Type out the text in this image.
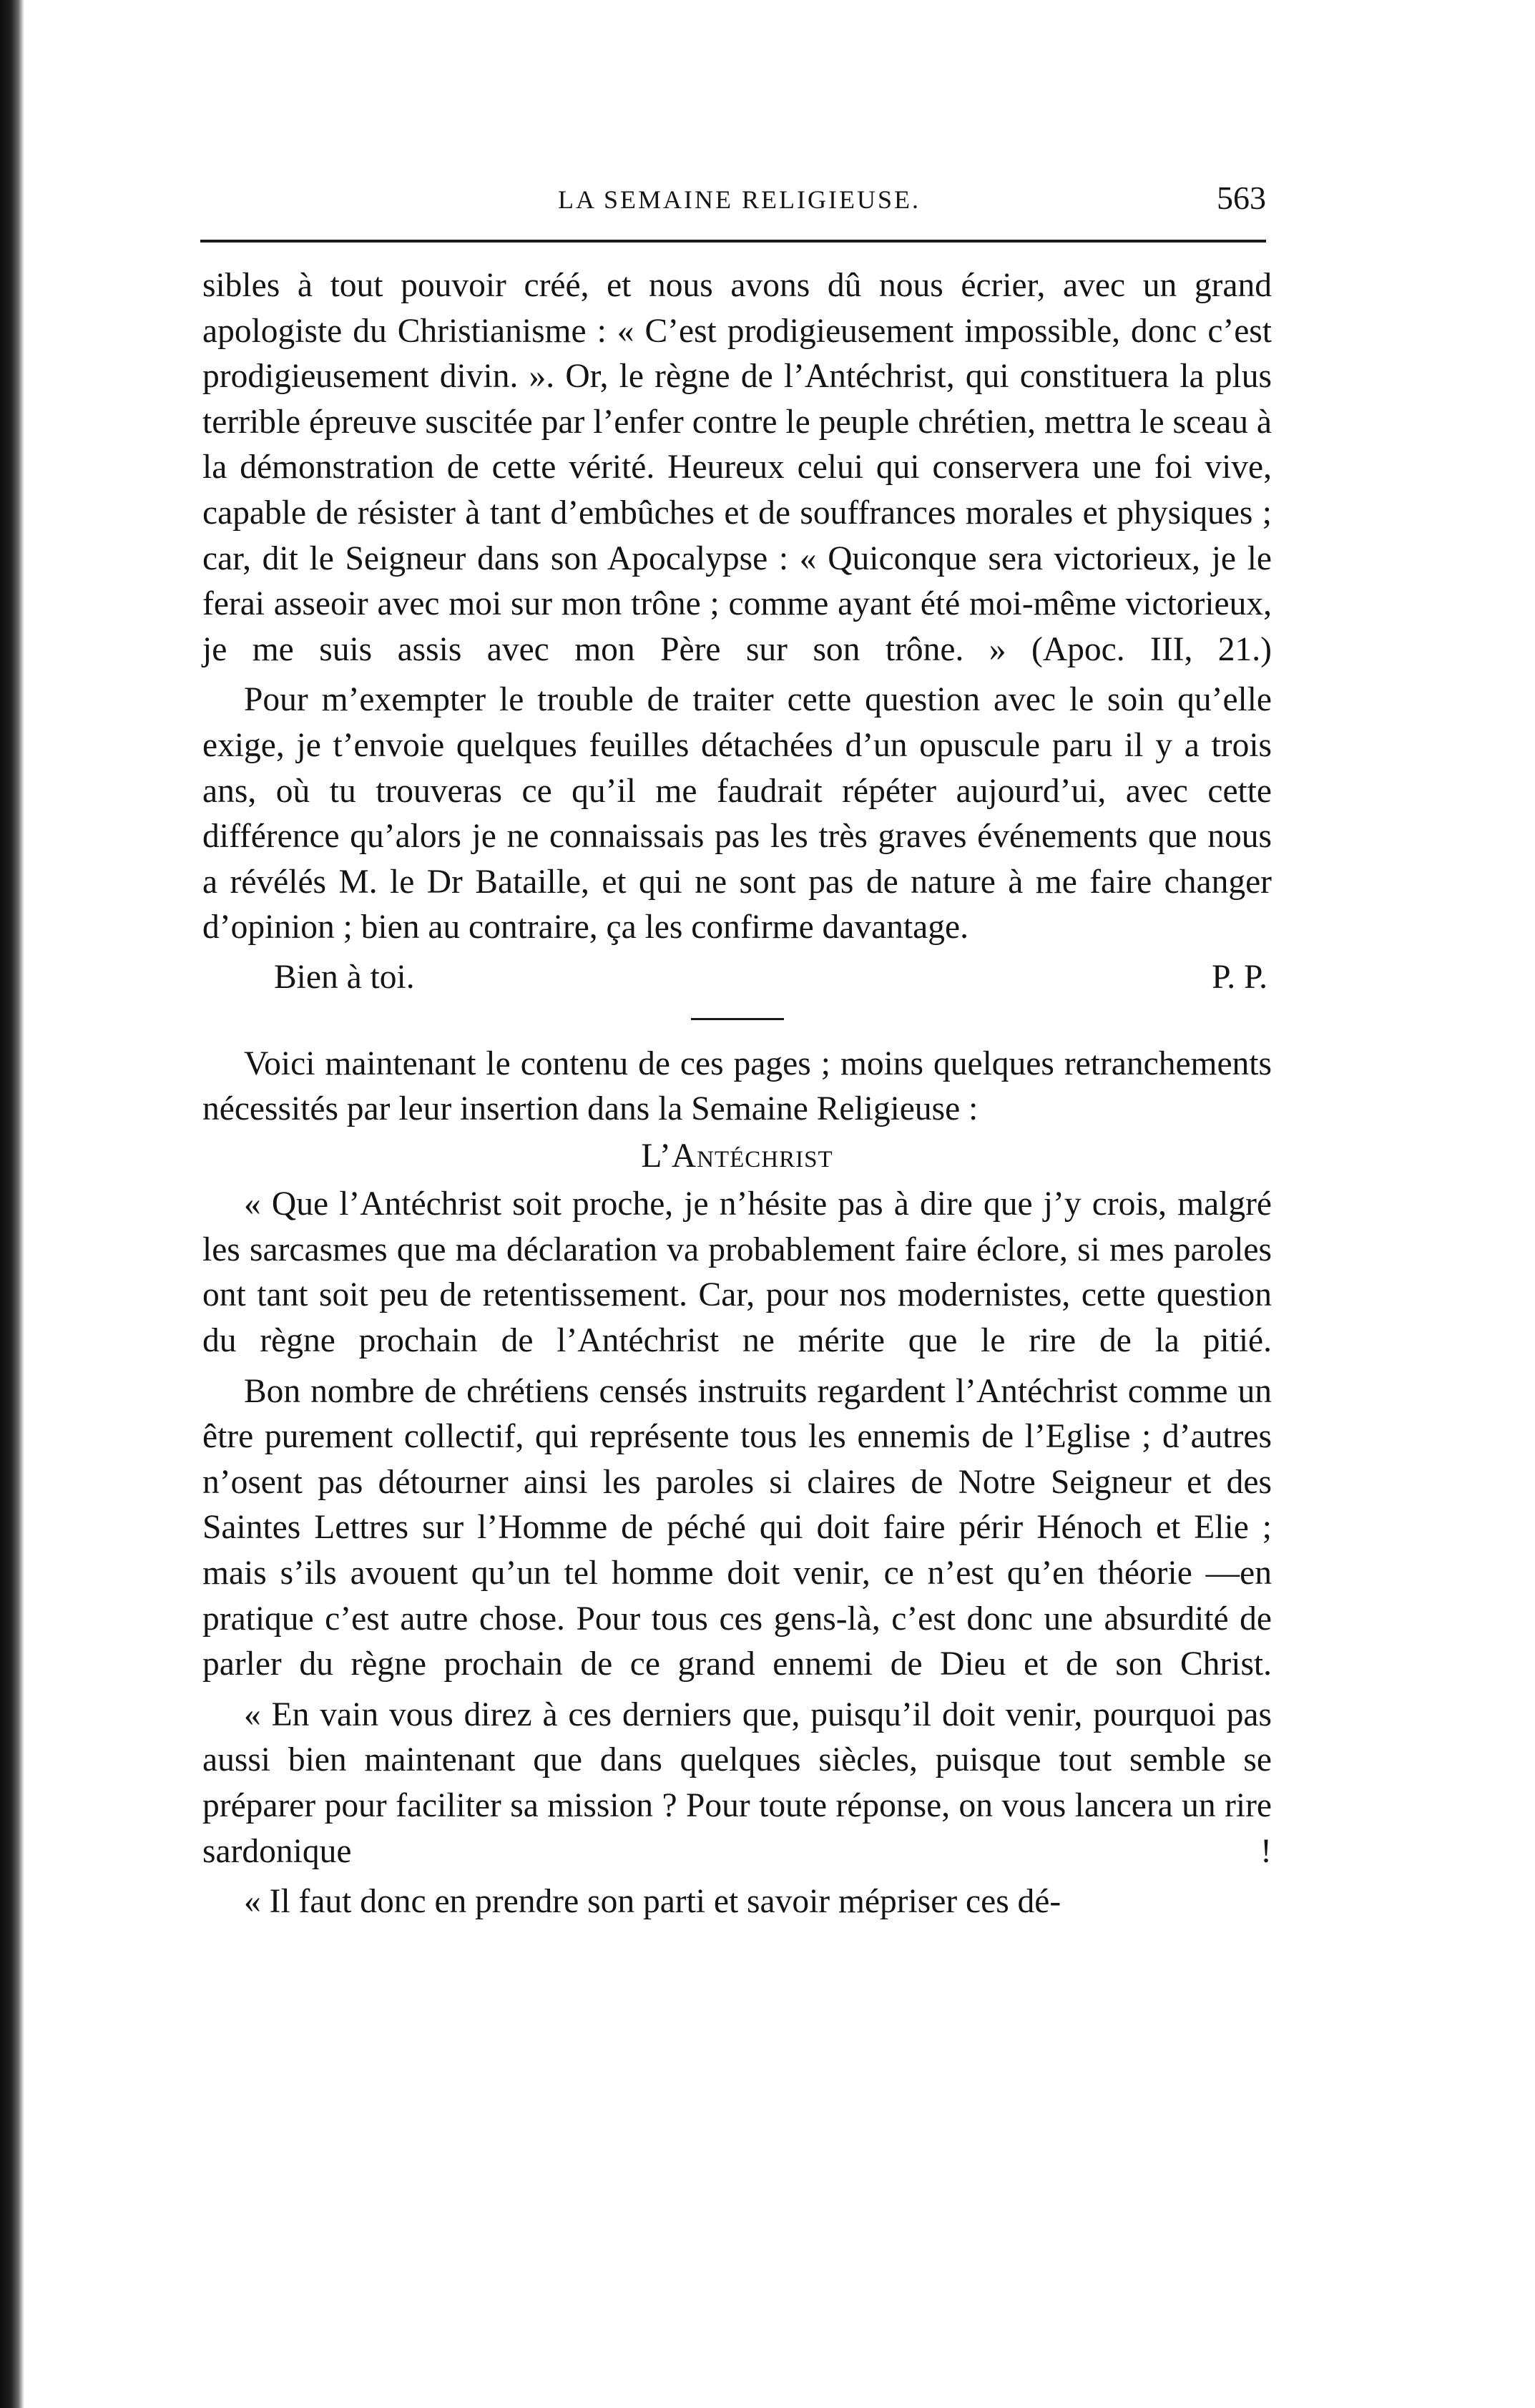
LA SEMAINE RELIGIEUSE.	563

sibles à tout pouvoir créé, et nous avons dû nous écrier, avec un grand apologiste du Christianisme : « C’est prodigieusement impossible, donc c’est prodigieusement divin. ». Or, le règne de l’Antéchrist, qui constituera la plus terrible épreuve suscitée par l’enfer contre le peuple chrétien, mettra le sceau à la démonstration de cette vérité. Heureux celui qui conservera une foi vive, capable de résister à tant d’embûches et de souffrances morales et physiques ; car, dit le Seigneur dans son Apocalypse : « Quiconque sera victorieux, je le ferai asseoir avec moi sur mon trône ; comme ayant été moi-même victorieux, je me suis assis avec mon Père sur son trône. » (Apoc. III, 21.)

Pour m’exempter le trouble de traiter cette question avec le soin qu’elle exige, je t’envoie quelques feuilles détachées d’un opuscule paru il y a trois ans, où tu trouveras ce qu’il me faudrait répéter aujourd’ui, avec cette différence qu’alors je ne connaissais pas les très graves événements que nous a révélés M. le Dr Bataille, et qui ne sont pas de nature à me faire changer d’opinion ; bien au contraire, ça les confirme davantage.

Bien à toi.	P. P.

Voici maintenant le contenu de ces pages ; moins quelques retranchements nécessités par leur insertion dans la Semaine Religieuse :

L’Antéchrist

« Que l’Antéchrist soit proche, je n’hésite pas à dire que j’y crois, malgré les sarcasmes que ma déclaration va probablement faire éclore, si mes paroles ont tant soit peu de retentissement. Car, pour nos modernistes, cette question du règne prochain de l’Antéchrist ne mérite que le rire de la pitié.

Bon nombre de chrétiens censés instruits regardent l’Antéchrist comme un être purement collectif, qui représente tous les ennemis de l’Eglise ; d’autres n’osent pas détourner ainsi les paroles si claires de Notre Seigneur et des Saintes Lettres sur l’Homme de péché qui doit faire périr Hénoch et Elie ; mais s’ils avouent qu’un tel homme doit venir, ce n’est qu’en théorie —en pratique c’est autre chose. Pour tous ces gens-là, c’est donc une absurdité de parler du règne prochain de ce grand ennemi de Dieu et de son Christ.

« En vain vous direz à ces derniers que, puisqu’il doit venir, pourquoi pas aussi bien maintenant que dans quelques siècles, puisque tout semble se préparer pour faciliter sa mission ? Pour toute réponse, on vous lancera un rire sardonique !

« Il faut donc en prendre son parti et savoir mépriser ces dé-
